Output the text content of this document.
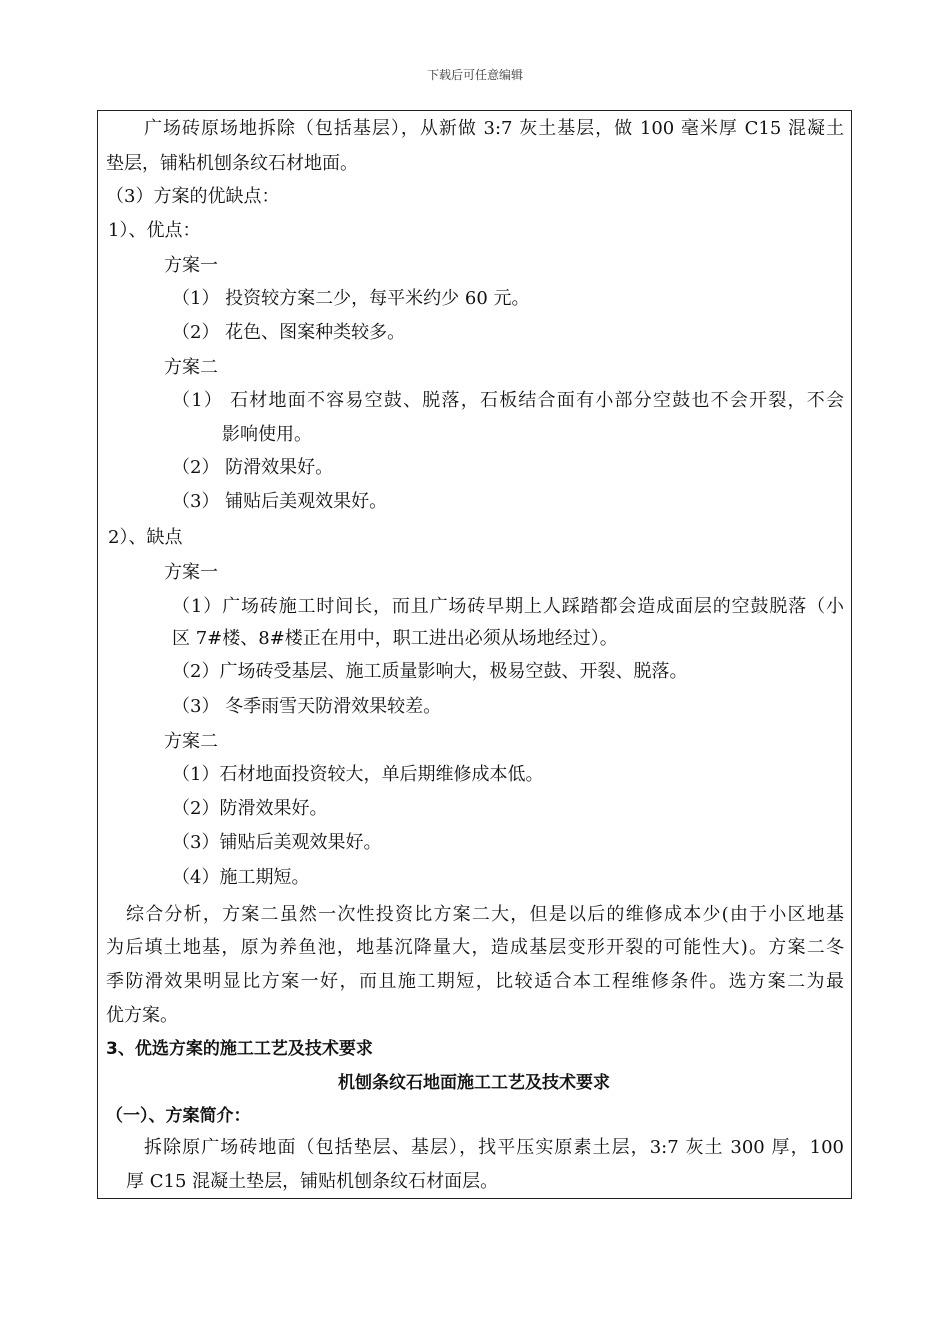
下载后可任意编辑
广场砖原场地拆除（包括基层），从新做 3:7 灰土基层，做 100 毫米厚 C15 混凝土
垫层，铺粘机刨条纹石材地面。
（3）方案的优缺点：
1）、优点：
方案一
（1） 投资较方案二少，每平米约少 60 元。
（2） 花色、图案种类较多。
方案二
（1） 石材地面不容易空鼓、脱落，石板结合面有小部分空鼓也不会开裂，不会
影响使用。
（2） 防滑效果好。
（3） 铺贴后美观效果好。
2）、缺点
方案一
（1）广场砖施工时间长，而且广场砖早期上人踩踏都会造成面层的空鼓脱落（小
区 7#楼、8#楼正在用中，职工进出必须从场地经过）。
（2）广场砖受基层、施工质量影响大，极易空鼓、开裂、脱落。
（3） 冬季雨雪天防滑效果较差。
方案二
（1）石材地面投资较大，单后期维修成本低。
（2）防滑效果好。
（3）铺贴后美观效果好。
（4）施工期短。
综合分析，方案二虽然一次性投资比方案二大，但是以后的维修成本少(由于小区地基
为后填土地基，原为养鱼池，地基沉降量大，造成基层变形开裂的可能性大)。方案二冬
季防滑效果明显比方案一好，而且施工期短，比较适合本工程维修条件。选方案二为最
优方案。
3、优选方案的施工工艺及技术要求
机刨条纹石地面施工工艺及技术要求
（一）、方案简介：
拆除原广场砖地面（包括垫层、基层），找平压实原素土层，3:7 灰土 300 厚，100
厚 C15 混凝土垫层，铺贴机刨条纹石材面层。
